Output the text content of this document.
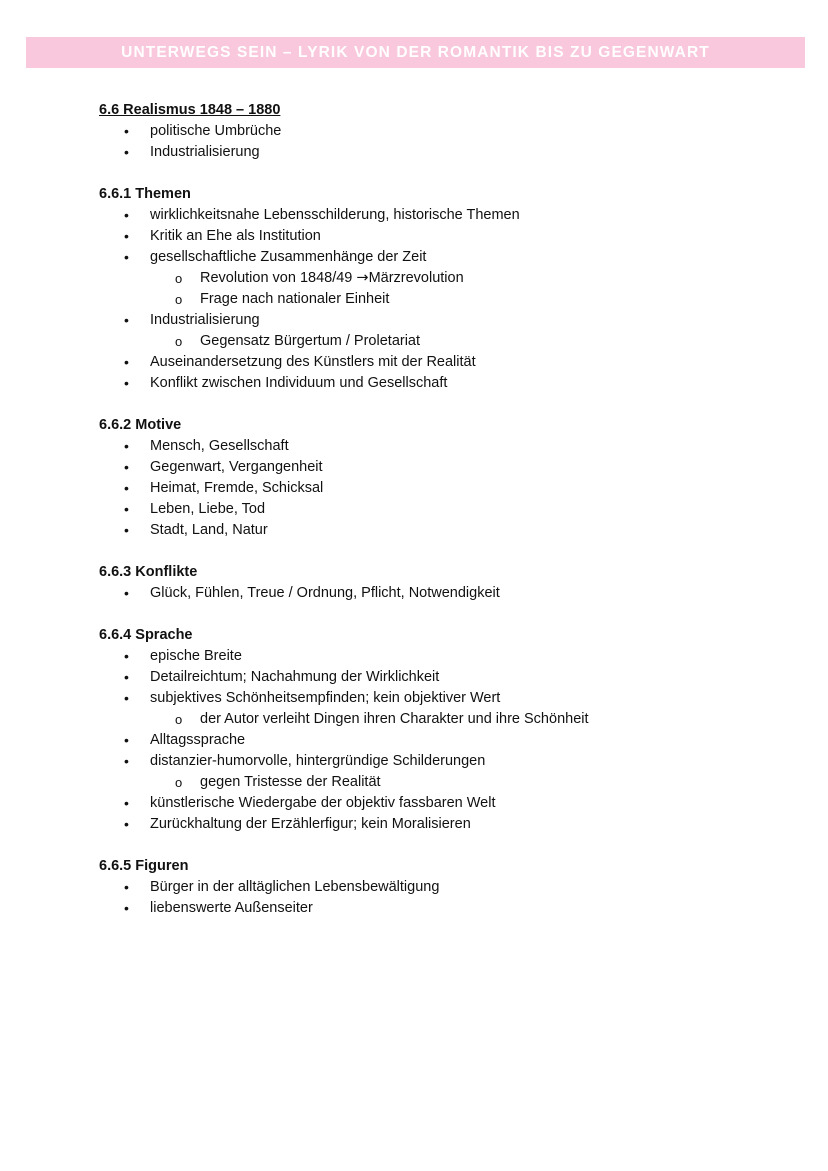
UNTERWEGS SEIN – LYRIK VON DER ROMANTIK BIS ZU GEGENWART

6.6 Realismus 1848 – 1880

• politische Umbrüche
• Industrialisierung

6.6.1 Themen

• wirklichkeitsnahe Lebensschilderung, historische Themen
• Kritik an Ehe als Institution
• gesellschaftliche Zusammenhänge der Zeit
o Revolution von 1848/49 →Märzrevolution
o Frage nach nationaler Einheit
• Industrialisierung
o Gegensatz Bürgertum / Proletariat
• Auseinandersetzung des Künstlers mit der Realität
• Konflikt zwischen Individuum und Gesellschaft

6.6.2 Motive

• Mensch, Gesellschaft
• Gegenwart, Vergangenheit
• Heimat, Fremde, Schicksal
• Leben, Liebe, Tod
• Stadt, Land, Natur

6.6.3 Konflikte

• Glück, Fühlen, Treue / Ordnung, Pflicht, Notwendigkeit

6.6.4 Sprache

• epische Breite
• Detailreichtum; Nachahmung der Wirklichkeit
• subjektives Schönheitsempfinden; kein objektiver Wert
o der Autor verleiht Dingen ihren Charakter und ihre Schönheit
• Alltagssprache
• distanzier-humorvolle, hintergründige Schilderungen
o gegen Tristesse der Realität
• künstlerische Wiedergabe der objektiv fassbaren Welt
• Zurückhaltung der Erzählerfigur; kein Moralisieren

6.6.5 Figuren

• Bürger in der alltäglichen Lebensbewältigung
• liebenswerte Außenseiter
